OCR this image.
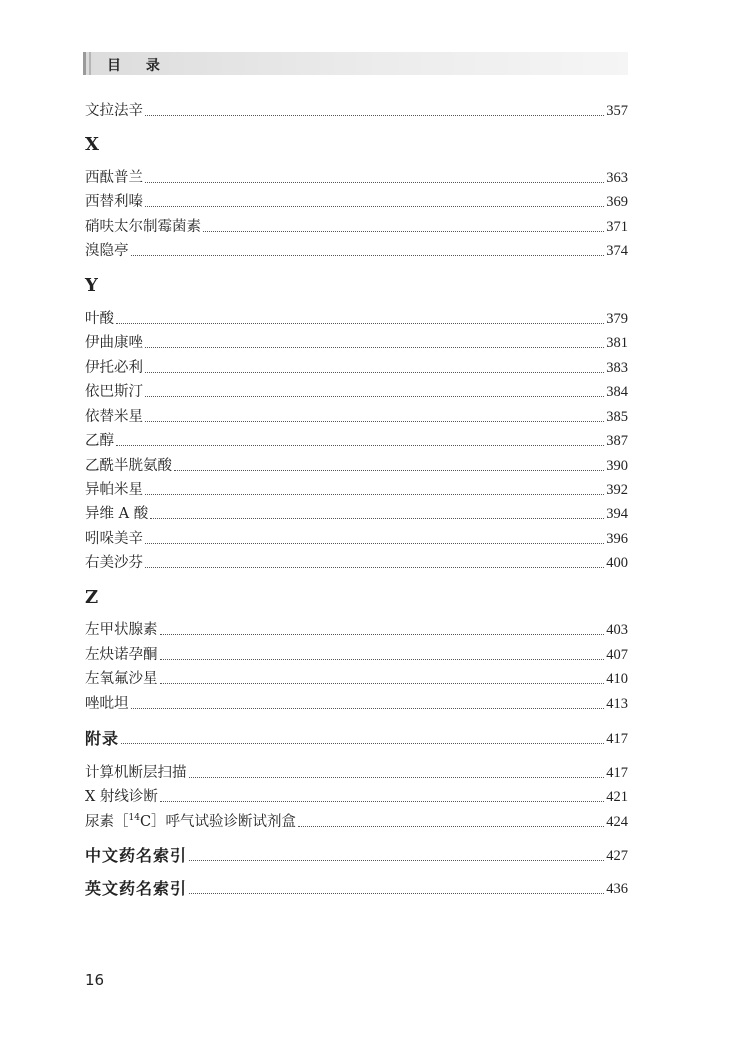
目 录
文拉法辛	357
X
西酞普兰	363
西替利嗪	369
硝呋太尔制霉菌素	371
溴隐亭	374
Y
叶酸	379
伊曲康唑	381
伊托必利	383
依巴斯汀	384
依替米星	385
乙醇	387
乙酰半胱氨酸	390
异帕米星	392
异维 A 酸	394
吲哚美辛	396
右美沙芬	400
Z
左甲状腺素	403
左炔诺孕酮	407
左氧氟沙星	410
唑吡坦	413
附录	417
计算机断层扫描	417
X 射线诊断	421
尿素［$^{14}$C］呼气试验诊断试剂盒	424
中文药名索引	427
英文药名索引	436
16
